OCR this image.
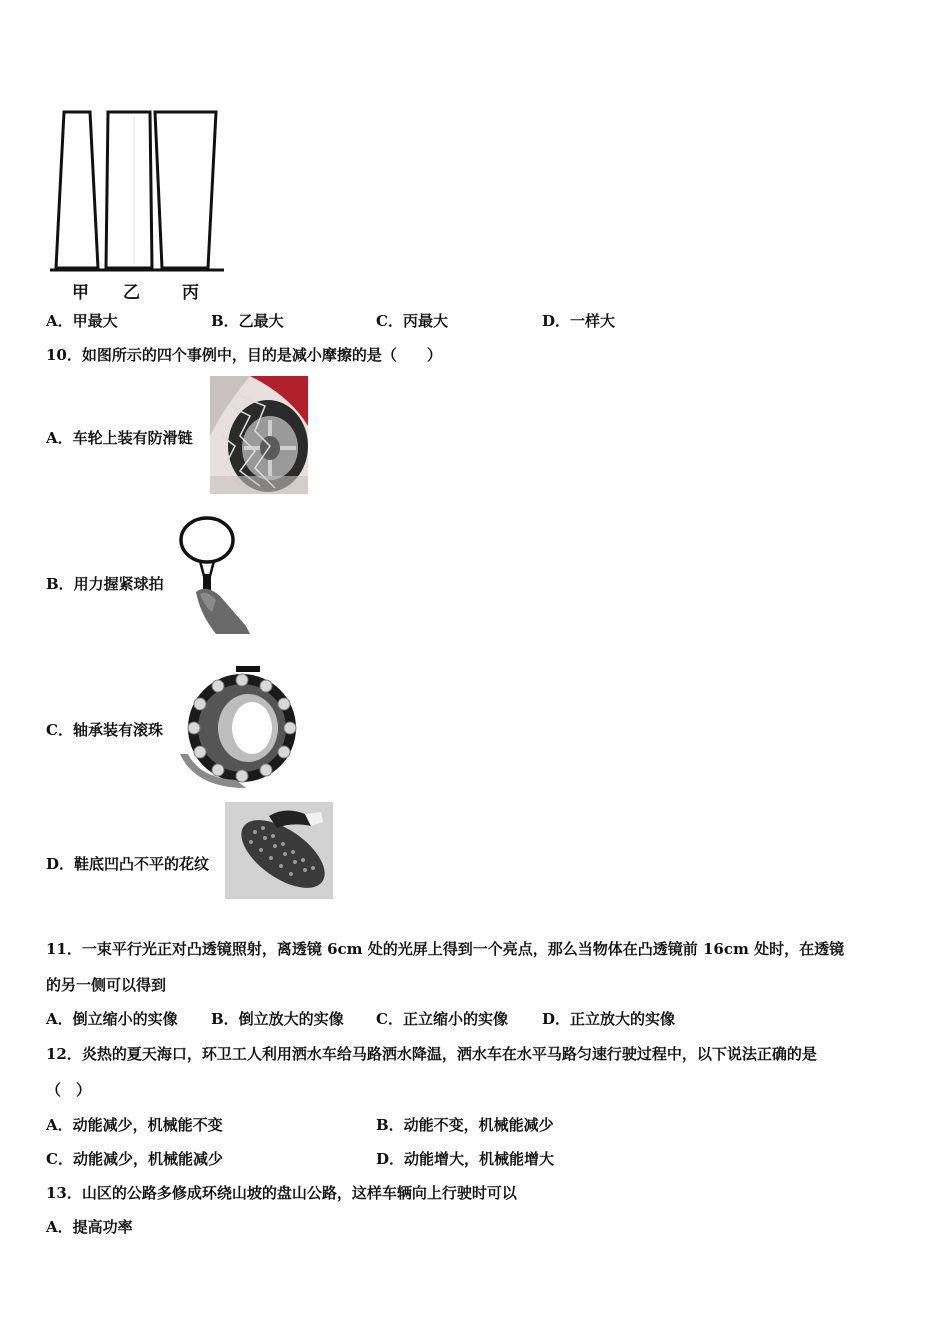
甲 乙 丙
A．甲最大	B．乙最大	C．丙最大	D．一样大
10．如图所示的四个事例中，目的是减小摩擦的是（　　）
A．车轮上装有防滑链
B．用力握紧球拍
C．轴承装有滚珠
D．鞋底凹凸不平的花纹
11．一束平行光正对凸透镜照射，离透镜 6cm 处的光屏上得到一个亮点，那么当物体在凸透镜前 16cm 处时，在透镜
的另一侧可以得到
A．倒立缩小的实像 B．倒立放大的实像 C．正立缩小的实像 D．正立放大的实像
12．炎热的夏天海口，环卫工人利用洒水车给马路洒水降温，洒水车在水平马路匀速行驶过程中，以下说法正确的是
（　）
A．动能减少，机械能不变	B．动能不变，机械能减少
C．动能减少，机械能减少	D．动能增大，机械能增大
13．山区的公路多修成环绕山坡的盘山公路，这样车辆向上行驶时可以
A．提高功率
